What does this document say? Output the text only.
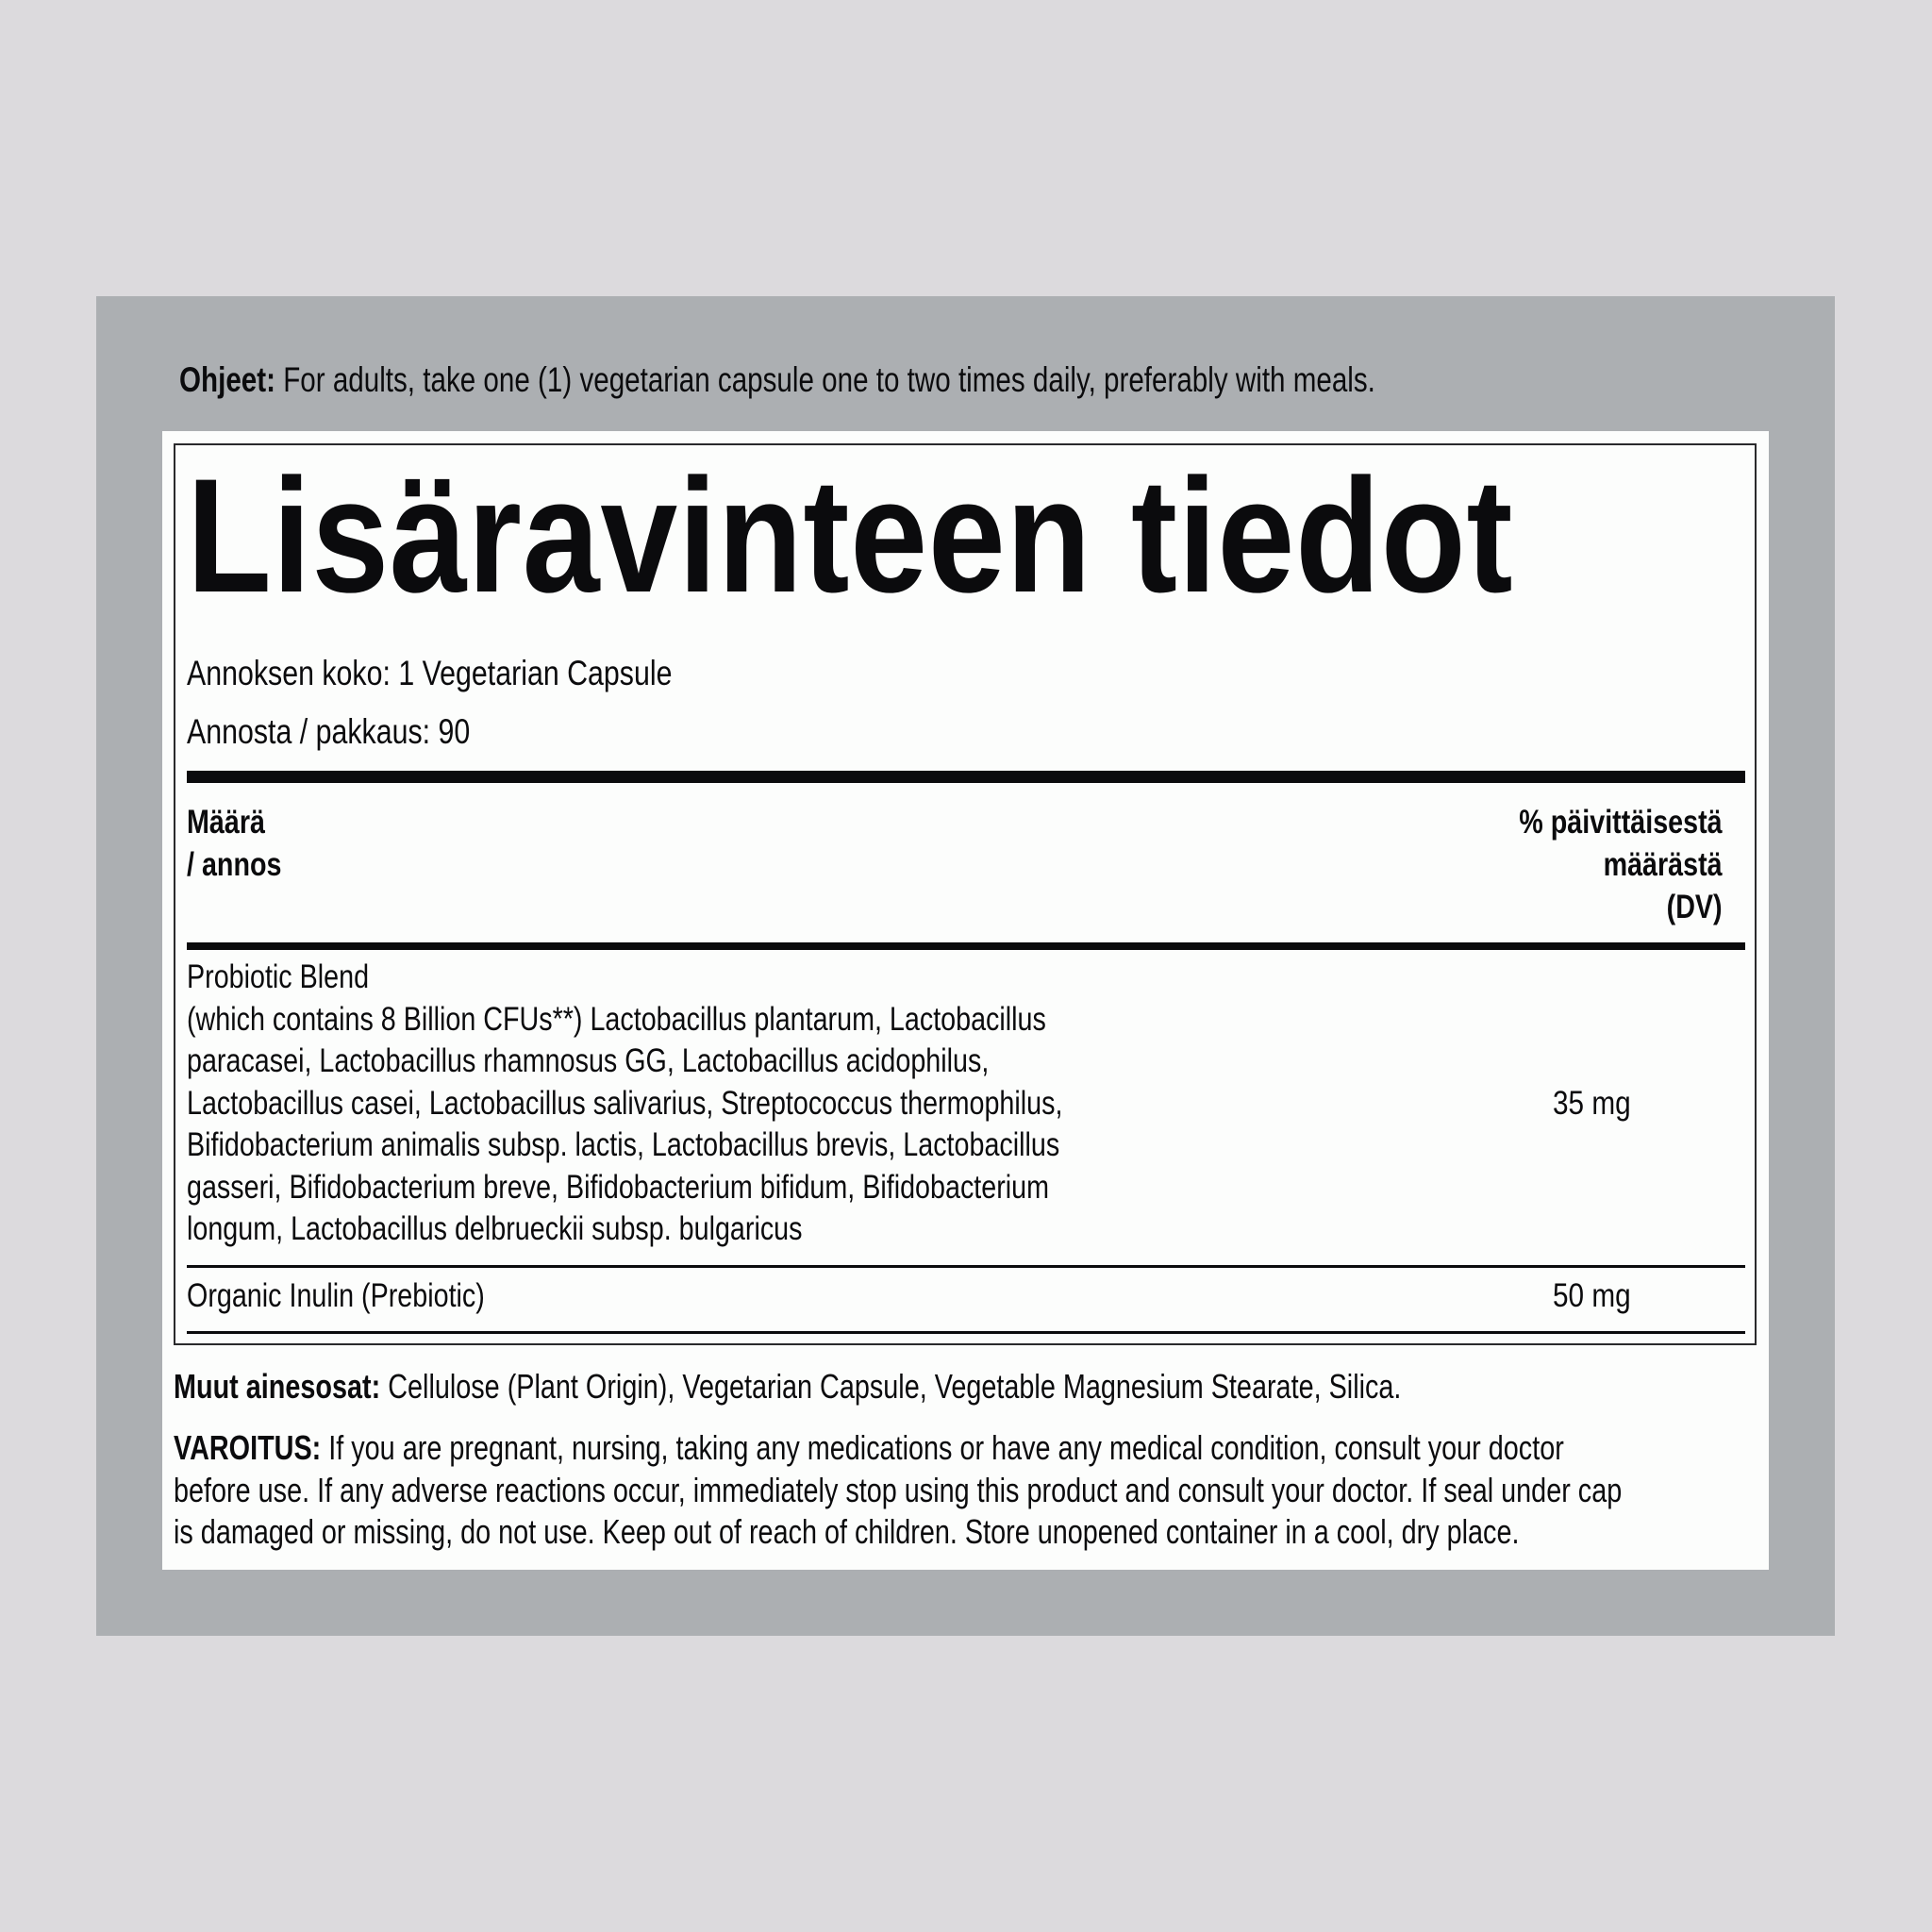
Ohjeet: For adults, take one (1) vegetarian capsule one to two times daily, preferably with meals.
Lisäravinteen tiedot
Annoksen koko: 1 Vegetarian Capsule
Annosta / pakkaus: 90
Määrä
/ annos
% päivittäisestä
määrästä
(DV)
Probiotic Blend
(which contains 8 Billion CFUs**) Lactobacillus plantarum, Lactobacillus
paracasei, Lactobacillus rhamnosus GG, Lactobacillus acidophilus,
Lactobacillus casei, Lactobacillus salivarius, Streptococcus thermophilus,
Bifidobacterium animalis subsp. lactis, Lactobacillus brevis, Lactobacillus
gasseri, Bifidobacterium breve, Bifidobacterium bifidum, Bifidobacterium
longum, Lactobacillus delbrueckii subsp. bulgaricus
35 mg
Organic Inulin (Prebiotic)	50 mg
Muut ainesosat: Cellulose (Plant Origin), Vegetarian Capsule, Vegetable Magnesium Stearate, Silica.
VAROITUS: If you are pregnant, nursing, taking any medications or have any medical condition, consult your doctor
before use. If any adverse reactions occur, immediately stop using this product and consult your doctor. If seal under cap
is damaged or missing, do not use. Keep out of reach of children. Store unopened container in a cool, dry place.
